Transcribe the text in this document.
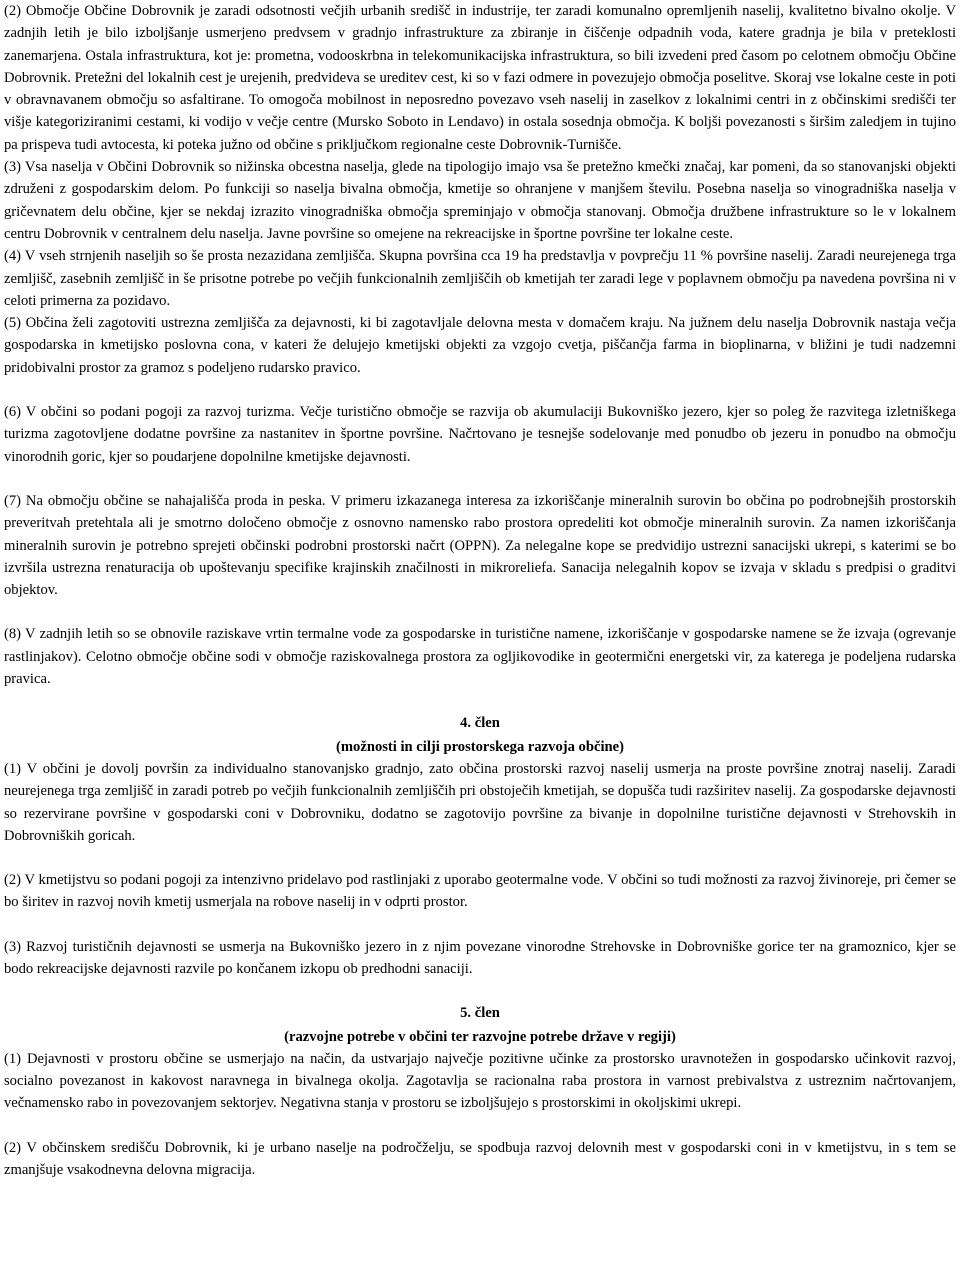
(2) Območje Občine Dobrovnik je zaradi odsotnosti večjih urbanih središč in industrije, ter zaradi komunalno opremljenih naselij, kvalitetno bivalno okolje. V zadnjih letih je bilo izboljšanje usmerjeno predvsem v gradnjo infrastrukture za zbiranje in čiščenje odpadnih voda, katere gradnja je bila v preteklosti zanemarjena. Ostala infrastruktura, kot je: prometna, vodooskrbna in telekomunikacijska infrastruktura, so bili izvedeni pred časom po celotnem območju Občine Dobrovnik. Pretežni del lokalnih cest je urejenih, predvideva se ureditev cest, ki so v fazi odmere in povezujejo območja poselitve. Skoraj vse lokalne ceste in poti v obravnavanem območju so asfaltirane. To omogoča mobilnost in neposredno povezavo vseh naselij in zaselkov z lokalnimi centri in z občinskimi središči ter višje kategoriziranimi cestami, ki vodijo v večje centre (Mursko Soboto in Lendavo) in ostala sosednja območja. K boljši povezanosti s širšim zaledjem in tujino pa prispeva tudi avtocesta, ki poteka južno od občine s priključkom regionalne ceste Dobrovnik-Turnišče.

(3) Vsa naselja v Občini Dobrovnik so nižinska obcestna naselja, glede na tipologijo imajo vsa še pretežno kmečki značaj, kar pomeni, da so stanovanjski objekti združeni z gospodarskim delom. Po funkciji so naselja bivalna območja, kmetije so ohranjene v manjšem številu. Posebna naselja so vinogradniška naselja v gričevnatem delu občine, kjer se nekdaj izrazito vinogradniška območja spreminjajo v območja stanovanj. Območja družbene infrastrukture so le v lokalnem centru Dobrovnik v centralnem delu naselja. Javne površine so omejene na rekreacijske in športne površine ter lokalne ceste.

(4) V vseh strnjenih naseljih so še prosta nezazidana zemljišča. Skupna površina cca 19 ha predstavlja v povprečju 11 % površine naselij. Zaradi neurejenega trga zemljišč, zasebnih zemljišč in še prisotne potrebe po večjih funkcionalnih zemljiščih ob kmetijah ter zaradi lege v poplavnem območju pa navedena površina ni v celoti primerna za pozidavo.

(5) Občina želi zagotoviti ustrezna zemljišča za dejavnosti, ki bi zagotavljale delovna mesta v domačem kraju. Na južnem delu naselja Dobrovnik nastaja večja gospodarska in kmetijsko poslovna cona, v kateri že delujejo kmetijski objekti za vzgojo cvetja, piščančja farma in bioplinarna, v bližini je tudi nadzemni pridobivalni prostor za gramoz s podeljeno rudarsko pravico.

(6) V občini so podani pogoji za razvoj turizma. Večje turistično območje se razvija ob akumulaciji Bukovniško jezero, kjer so poleg že razvitega izletniškega turizma zagotovljene dodatne površine za nastanitev in športne površine. Načrtovano je tesnejše sodelovanje med ponudbo ob jezeru in ponudbo na območju vinorodnih goric, kjer so poudarjene dopolnilne kmetijske dejavnosti.

(7) Na območju občine se nahajališča proda in peska. V primeru izkazanega interesa za izkoriščanje mineralnih surovin bo občina po podrobnejših prostorskih preveritvah pretehtala ali je smotrno določeno območje z osnovno namensko rabo prostora opredeliti kot območje mineralnih surovin. Za namen izkoriščanja mineralnih surovin je potrebno sprejeti občinski podrobni prostorski načrt (OPPN). Za nelegalne kope se predvidijo ustrezni sanacijski ukrepi, s katerimi se bo izvršila ustrezna renaturacija ob upoštevanju specifike krajinskih značilnosti in mikroreliefa. Sanacija nelegalnih kopov se izvaja v skladu s predpisi o graditvi objektov.

(8) V zadnjih letih so se obnovile raziskave vrtin termalne vode za gospodarske in turistične namene, izkoriščanje v gospodarske namene se že izvaja (ogrevanje rastlinjakov). Celotno območje občine sodi v območje raziskovalnega prostora za ogljikovodike in geotermični energetski vir, za katerega je podeljena rudarska pravica.

4. člen

(možnosti in cilji prostorskega razvoja občine)

(1) V občini je dovolj površin za individualno stanovanjsko gradnjo, zato občina prostorski razvoj naselij usmerja na proste površine znotraj naselij. Zaradi neurejenega trga zemljišč in zaradi potreb po večjih funkcionalnih zemljiščih pri obstoječih kmetijah, se dopušča tudi razširitev naselij. Za gospodarske dejavnosti so rezervirane površine v gospodarski coni v Dobrovniku, dodatno se zagotovijo površine za bivanje in dopolnilne turistične dejavnosti v Strehovskih in Dobrovniških goricah.

(2) V kmetijstvu so podani pogoji za intenzivno pridelavo pod rastlinjaki z uporabo geotermalne vode. V občini so tudi možnosti za razvoj živinoreje, pri čemer se bo širitev in razvoj novih kmetij usmerjala na robove naselij in v odprti prostor.

(3) Razvoj turističnih dejavnosti se usmerja na Bukovniško jezero in z njim povezane vinorodne Strehovske in Dobrovniške gorice ter na gramoznico, kjer se bodo rekreacijske dejavnosti razvile po končanem izkopu ob predhodni sanaciji.

5. člen

(razvojne potrebe v občini ter razvojne potrebe države v regiji)

(1) Dejavnosti v prostoru občine se usmerjajo na način, da ustvarjajo največje pozitivne učinke za prostorsko uravnotežen in gospodarsko učinkovit razvoj, socialno povezanost in kakovost naravnega in bivalnega okolja. Zagotavlja se racionalna raba prostora in varnost prebivalstva z ustreznim načrtovanjem, večnamensko rabo in povezovanjem sektorjev. Negativna stanja v prostoru se izboljšujejo s prostorskimi in okoljskimi ukrepi.

(2) V občinskem središču Dobrovnik, ki je urbano naselje na področželju, se spodbuja razvoj delovnih mest v gospodarski coni in v kmetijstvu, in s tem se zmanjšuje vsakodnevna delovna migracija.
